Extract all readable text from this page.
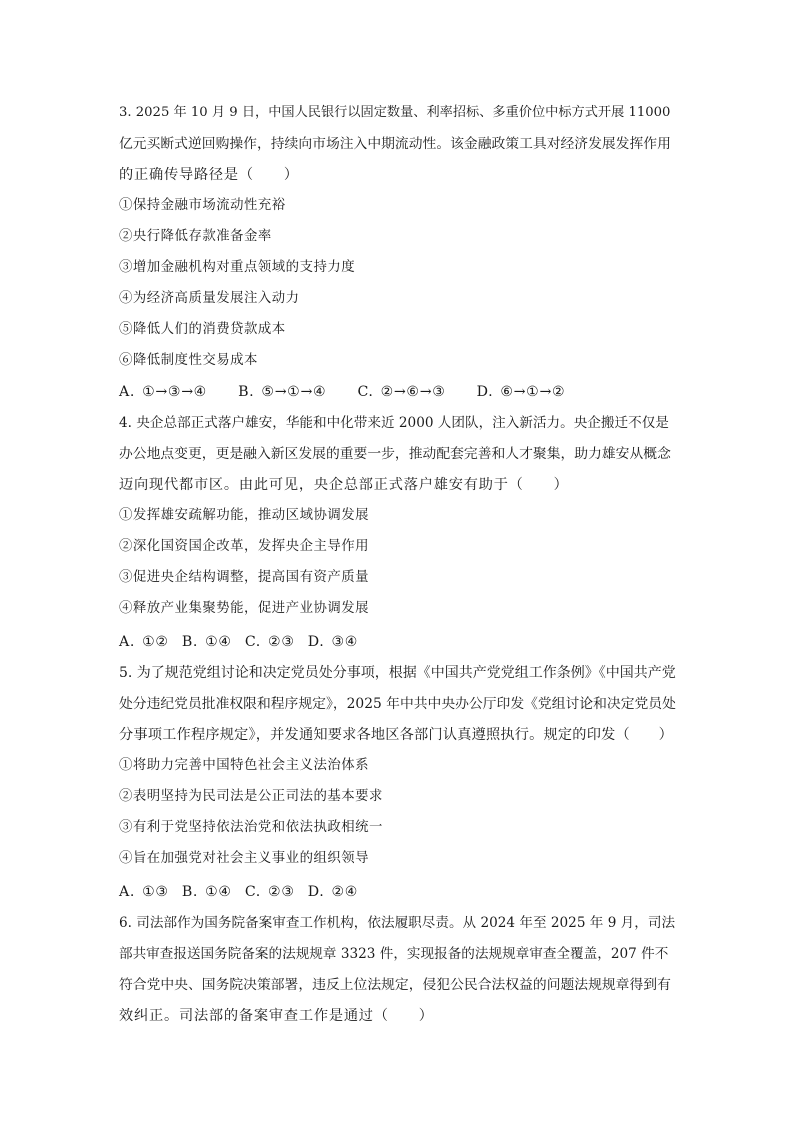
3. 2025 年 10 月 9 日，中国人民银行以固定数量、利率招标、多重价位中标方式开展 11000
亿元买断式逆回购操作，持续向市场注入中期流动性。该金融政策工具对经济发展发挥作用
的正确传导路径是（　　）
①保持金融市场流动性充裕
②央行降低存款准备金率
③增加金融机构对重点领域的支持力度
④为经济高质量发展注入动力
⑤降低人们的消费贷款成本
⑥降低制度性交易成本
A. ①→③→④ B. ⑤→①→④ C. ②→⑥→③ D. ⑥→①→②
4. 央企总部正式落户雄安，华能和中化带来近 2000 人团队，注入新活力。央企搬迁不仅是
办公地点变更，更是融入新区发展的重要一步，推动配套完善和人才聚集，助力雄安从概念
迈向现代都市区。由此可见，央企总部正式落户雄安有助于（　　）
①发挥雄安疏解功能，推动区域协调发展
②深化国资国企改革，发挥央企主导作用
③促进央企结构调整，提高国有资产质量
④释放产业集聚势能，促进产业协调发展
A. ①② B. ①④ C. ②③ D. ③④
5. 为了规范党组讨论和决定党员处分事项，根据《中国共产党党组工作条例》《中国共产党
处分违纪党员批准权限和程序规定》，2025 年中共中央办公厅印发《党组讨论和决定党员处
分事项工作程序规定》，并发通知要求各地区各部门认真遵照执行。规定的印发（　　）
①将助力完善中国特色社会主义法治体系
②表明坚持为民司法是公正司法的基本要求
③有利于党坚持依法治党和依法执政相统一
④旨在加强党对社会主义事业的组织领导
A. ①③ B. ①④ C. ②③ D. ②④
6. 司法部作为国务院备案审查工作机构，依法履职尽责。从 2024 年至 2025 年 9 月，司法
部共审查报送国务院备案的法规规章 3323 件，实现报备的法规规章审查全覆盖，207 件不
符合党中央、国务院决策部署，违反上位法规定，侵犯公民合法权益的问题法规规章得到有
效纠正。司法部的备案审查工作是通过（　　）
